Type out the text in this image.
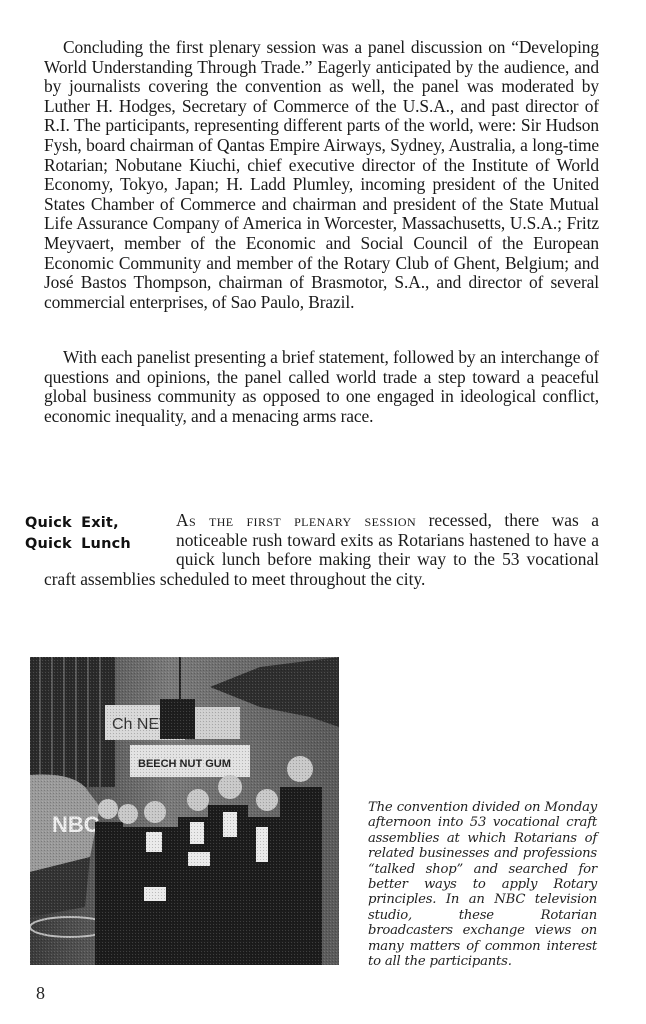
Concluding the first plenary session was a panel discussion on “Developing World Understanding Through Trade.” Eagerly anticipated by the audience, and by journalists covering the convention as well, the panel was moderated by Luther H. Hodges, Secretary of Commerce of the U.S.A., and past director of R.I. The participants, representing different parts of the world, were: Sir Hudson Fysh, board chairman of Qantas Empire Airways, Sydney, Australia, a long-time Rotarian; Nobutane Kiuchi, chief executive director of the Institute of World Economy, Tokyo, Japan; H. Ladd Plumley, incoming president of the United States Chamber of Commerce and chairman and president of the State Mutual Life Assurance Company of America in Worcester, Massachusetts, U.S.A.; Fritz Meyvaert, member of the Economic and Social Council of the European Economic Community and member of the Rotary Club of Ghent, Belgium; and José Bastos Thompson, chairman of Brasmotor, S.A., and director of several commercial enterprises, of Sao Paulo, Brazil.

With each panelist presenting a brief statement, followed by an interchange of questions and opinions, the panel called world trade a step toward a peaceful global business community as opposed to one engaged in ideological conflict, economic inequality, and a menacing arms race.

Quick Exit,
Quick Lunch
As the first plenary session recessed, there was a noticeable rush toward exits as Rotarians hastened to have a quick lunch before making their way to the 53 vocational craft assemblies scheduled to meet throughout the city.
The convention divided on Monday afternoon into 53 vocational craft assemblies at which Rotarians of related businesses and professions “talked shop” and searched for better ways to apply Rotary principles. In an NBC television studio, these Rotarian broadcasters exchange views on many matters of common interest to all the participants.
8
